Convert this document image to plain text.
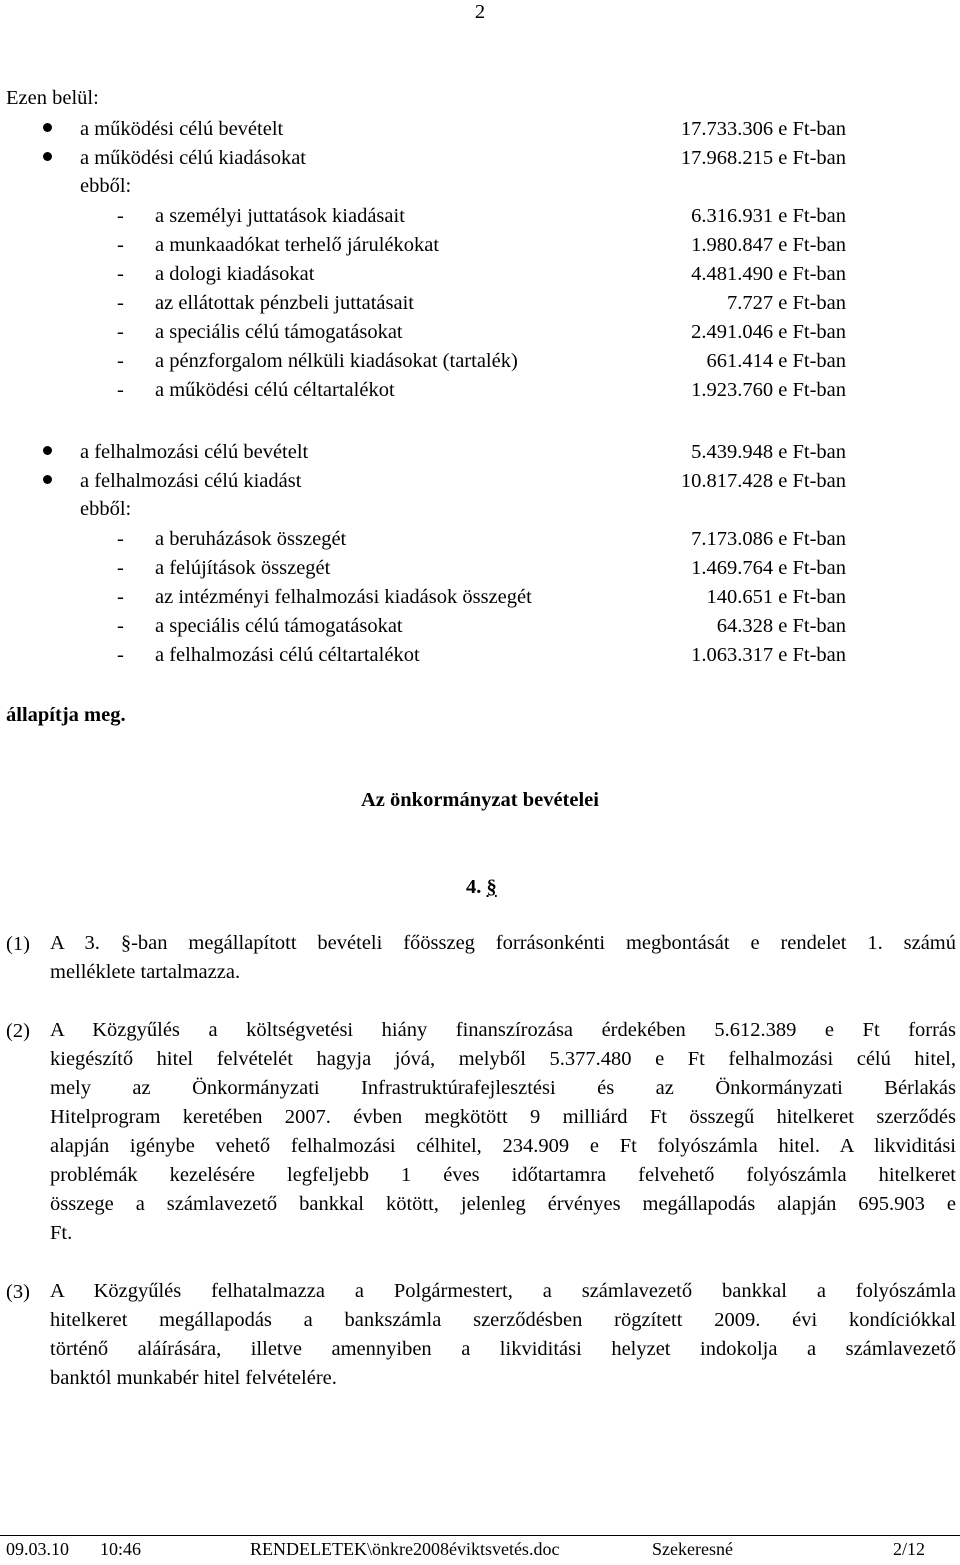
2
Ezen belül:
a működési célú bevételt	17.733.306 e Ft-ban
a működési célú kiadásokat	17.968.215 e Ft-ban
ebből:
- a személyi juttatások kiadásait	6.316.931 e Ft-ban
- a munkaadókat terhelő járulékokat	1.980.847 e Ft-ban
- a dologi kiadásokat	4.481.490 e Ft-ban
- az ellátottak pénzbeli juttatásait	7.727 e Ft-ban
- a speciális célú támogatásokat	2.491.046 e Ft-ban
- a pénzforgalom nélküli kiadásokat (tartalék)	661.414 e Ft-ban
- a működési célú céltartalékot	1.923.760 e Ft-ban
a felhalmozási célú bevételt	5.439.948 e Ft-ban
a felhalmozási célú kiadást	10.817.428 e Ft-ban
ebből:
- a beruházások összegét	7.173.086 e Ft-ban
- a felújítások összegét	1.469.764 e Ft-ban
- az intézményi felhalmozási kiadások összegét	140.651 e Ft-ban
- a speciális célú támogatásokat	64.328 e Ft-ban
- a felhalmozási célú céltartalékot	1.063.317 e Ft-ban
állapítja meg.
Az önkormányzat bevételei
4. §
(1) A 3. §-ban megállapított bevételi főösszeg forrásonkénti megbontását e rendelet 1. számú
melléklete tartalmazza.
(2) A Közgyűlés a költségvetési hiány finanszírozása érdekében 5.612.389 e Ft forrás
kiegészítő hitel felvételét hagyja jóvá, melyből 5.377.480 e Ft felhalmozási célú hitel,
mely az Önkormányzati Infrastruktúrafejlesztési és az Önkormányzati Bérlakás
Hitelprogram keretében 2007. évben megkötött 9 milliárd Ft összegű hitelkeret szerződés
alapján igénybe vehető felhalmozási célhitel, 234.909 e Ft folyószámla hitel. A likviditási
problémák kezelésére legfeljebb 1 éves időtartamra felvehető folyószámla hitelkeret
összege a számlavezető bankkal kötött, jelenleg érvényes megállapodás alapján 695.903 e
Ft.
(3) A Közgyűlés felhatalmazza a Polgármestert, a számlavezető bankkal a folyószámla
hitelkeret megállapodás a bankszámla szerződésben rögzített 2009. évi kondíciókkal
történő aláírására, illetve amennyiben a likviditási helyzet indokolja a számlavezető
banktól munkabér hitel felvételére.
09.03.10 10:46	RENDELETEK\önkre2008éviktsvetés.doc	Szekeresné	2/12
